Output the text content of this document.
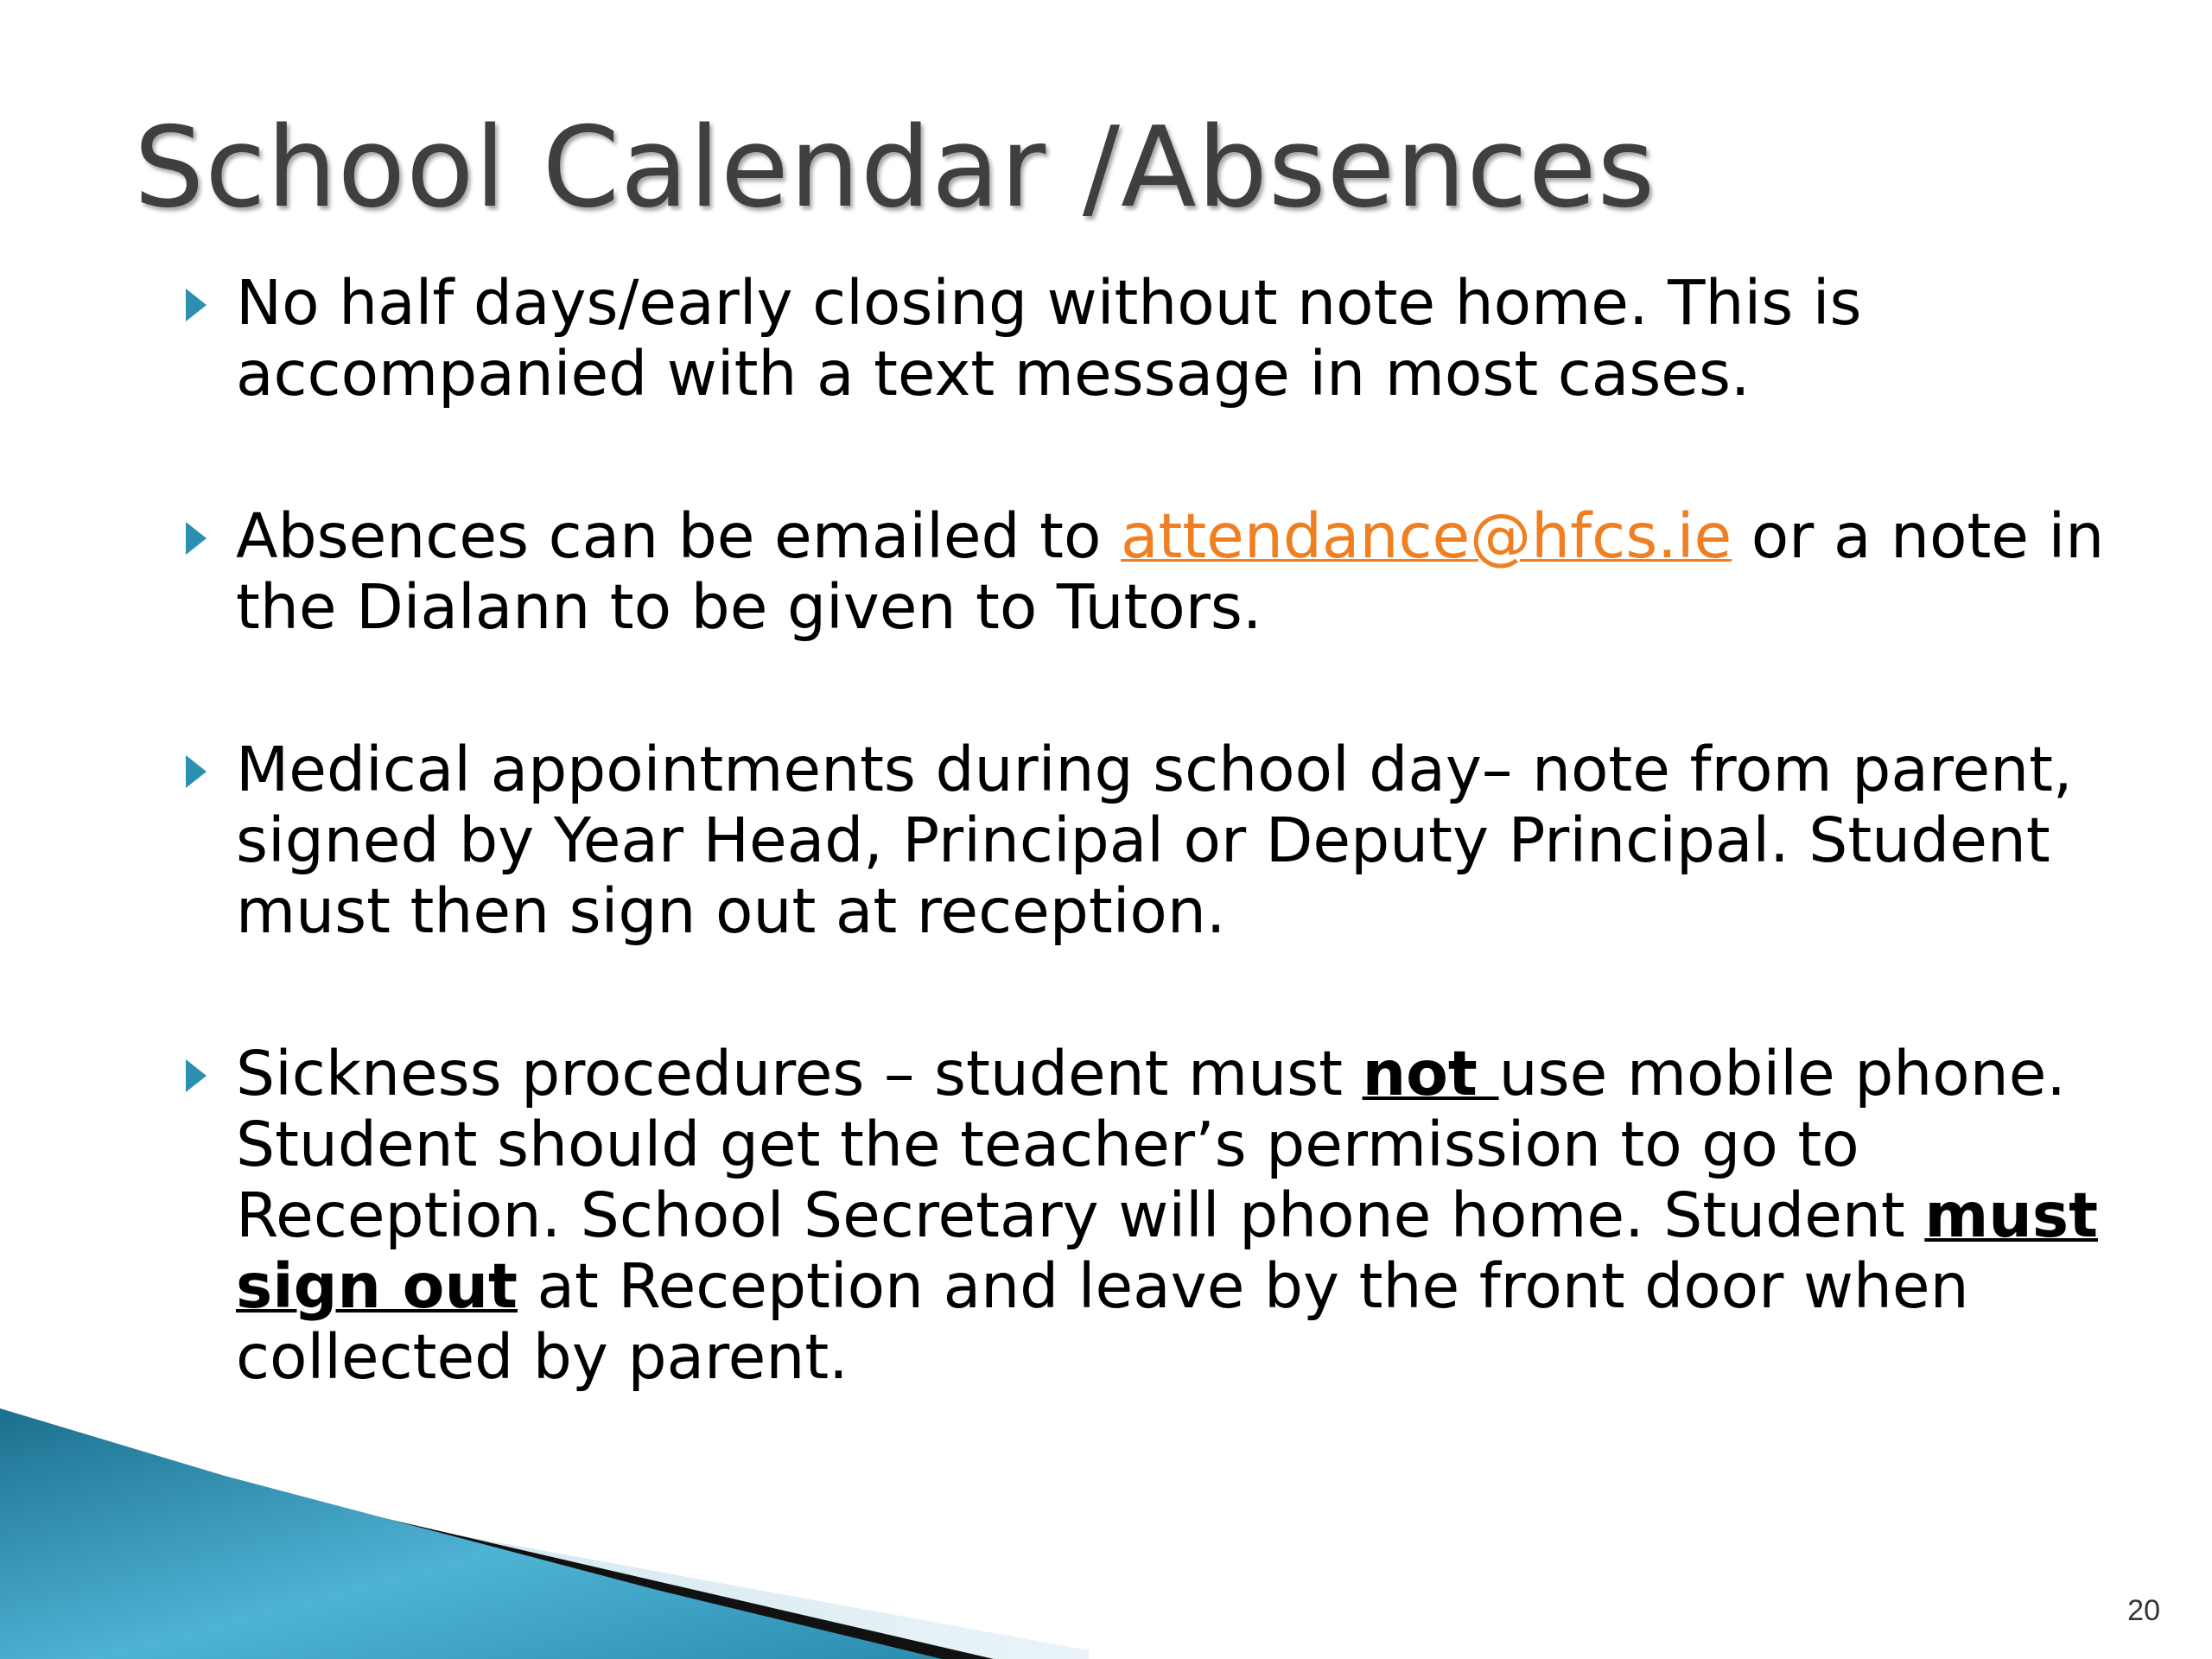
School Calendar /Absences
No half days/early closing without note home. This is accompanied with a text message in most cases.
Absences can be emailed to attendance@hfcs.ie or a note in the Dialann to be given to Tutors.
Medical appointments during school day– note from parent, signed by Year Head, Principal or Deputy Principal. Student must then sign out at reception.
Sickness procedures – student must not use mobile phone. Student should get the teacher’s permission to go to Reception. School Secretary will phone home. Student must sign out at Reception and leave by the front door when collected by parent.
20
